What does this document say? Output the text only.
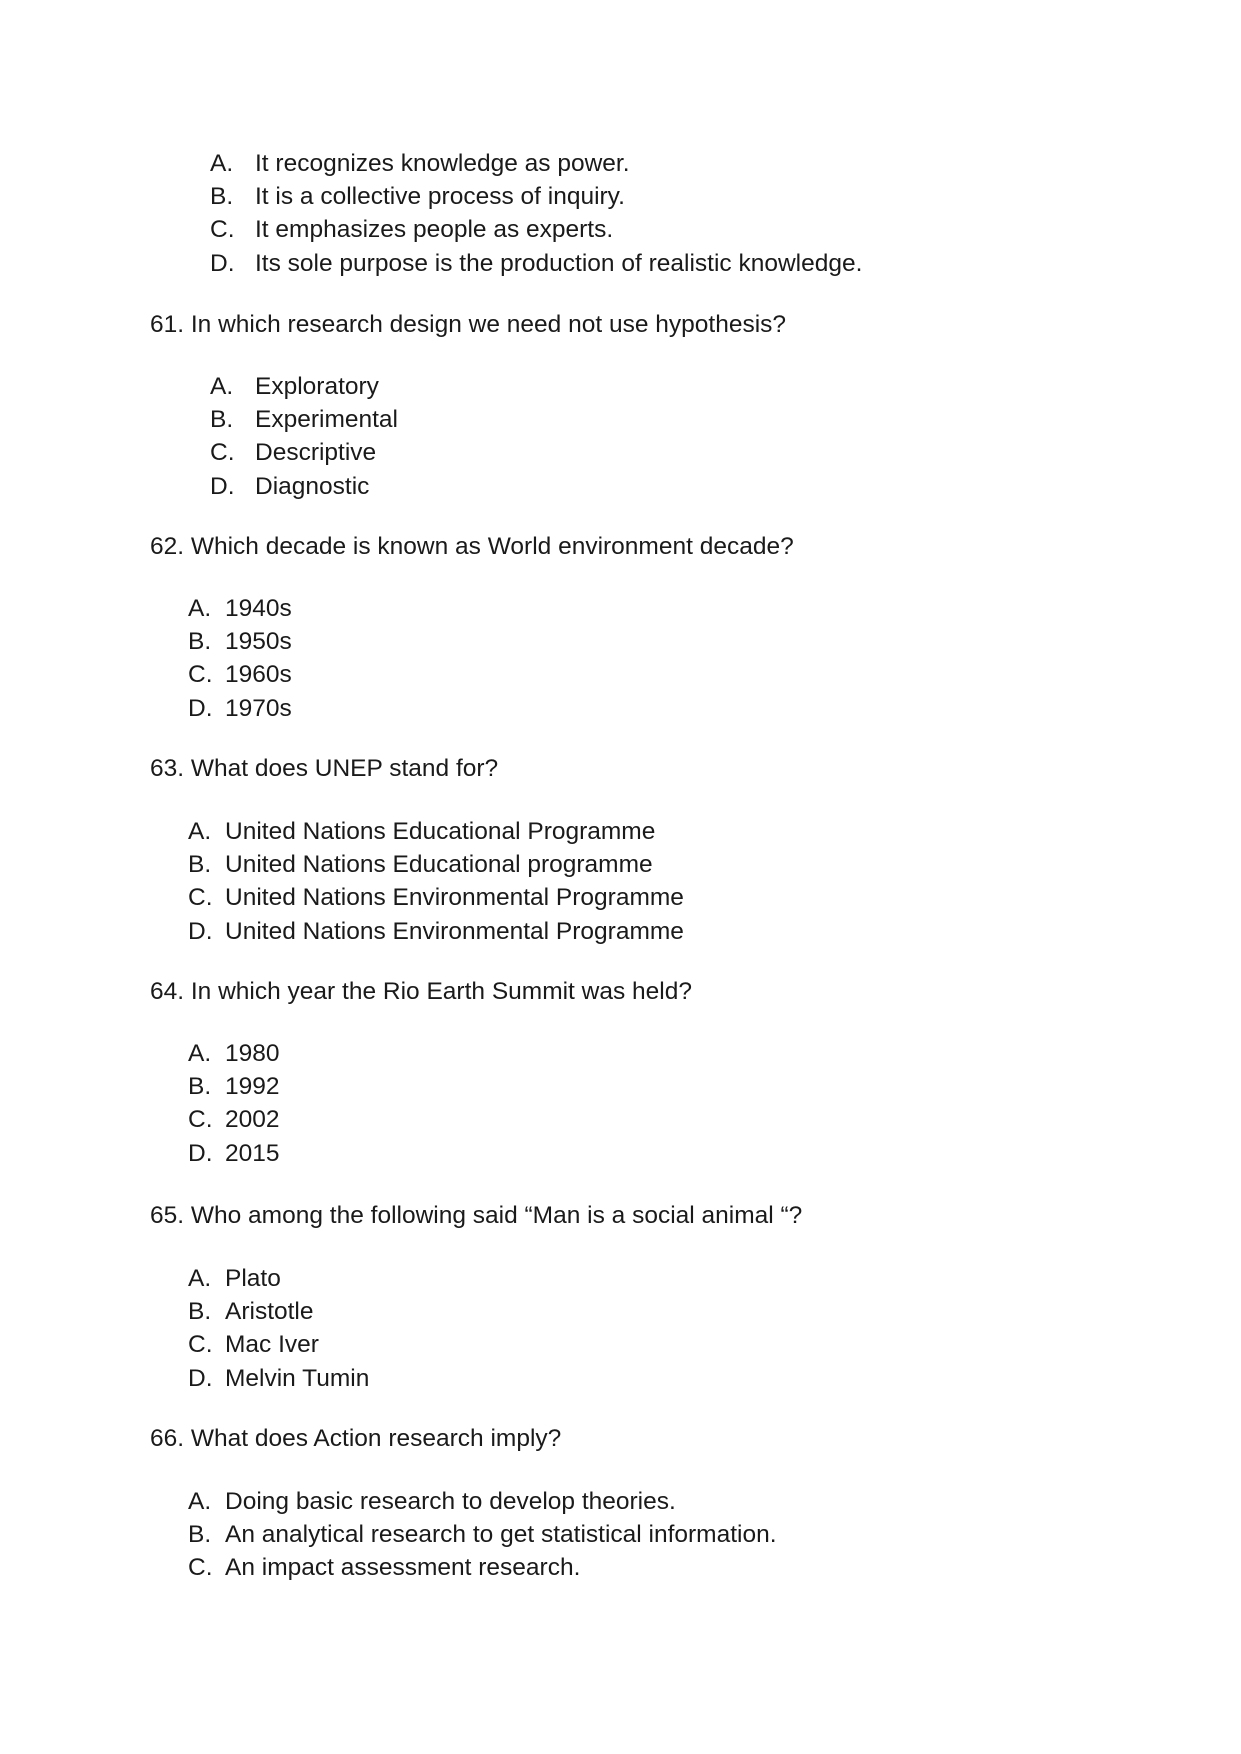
A. It recognizes knowledge as power.
B. It is a collective process of inquiry.
C. It emphasizes people as experts.
D. Its sole purpose is the production of realistic knowledge.
61. In which research design we need not use hypothesis?
A. Exploratory
B. Experimental
C. Descriptive
D. Diagnostic
62. Which decade is known as World environment decade?
A. 1940s
B. 1950s
C. 1960s
D. 1970s
63. What does UNEP stand for?
A. United Nations Educational Programme
B. United Nations Educational programme
C. United Nations Environmental Programme
D. United Nations Environmental Programme
64. In which year the Rio Earth Summit was held?
A. 1980
B. 1992
C. 2002
D. 2015
65. Who among the following said “Man is a social animal “?
A. Plato
B. Aristotle
C. Mac Iver
D. Melvin Tumin
66. What does Action research imply?
A. Doing basic research to develop theories.
B. An analytical research to get statistical information.
C. An impact assessment research.
